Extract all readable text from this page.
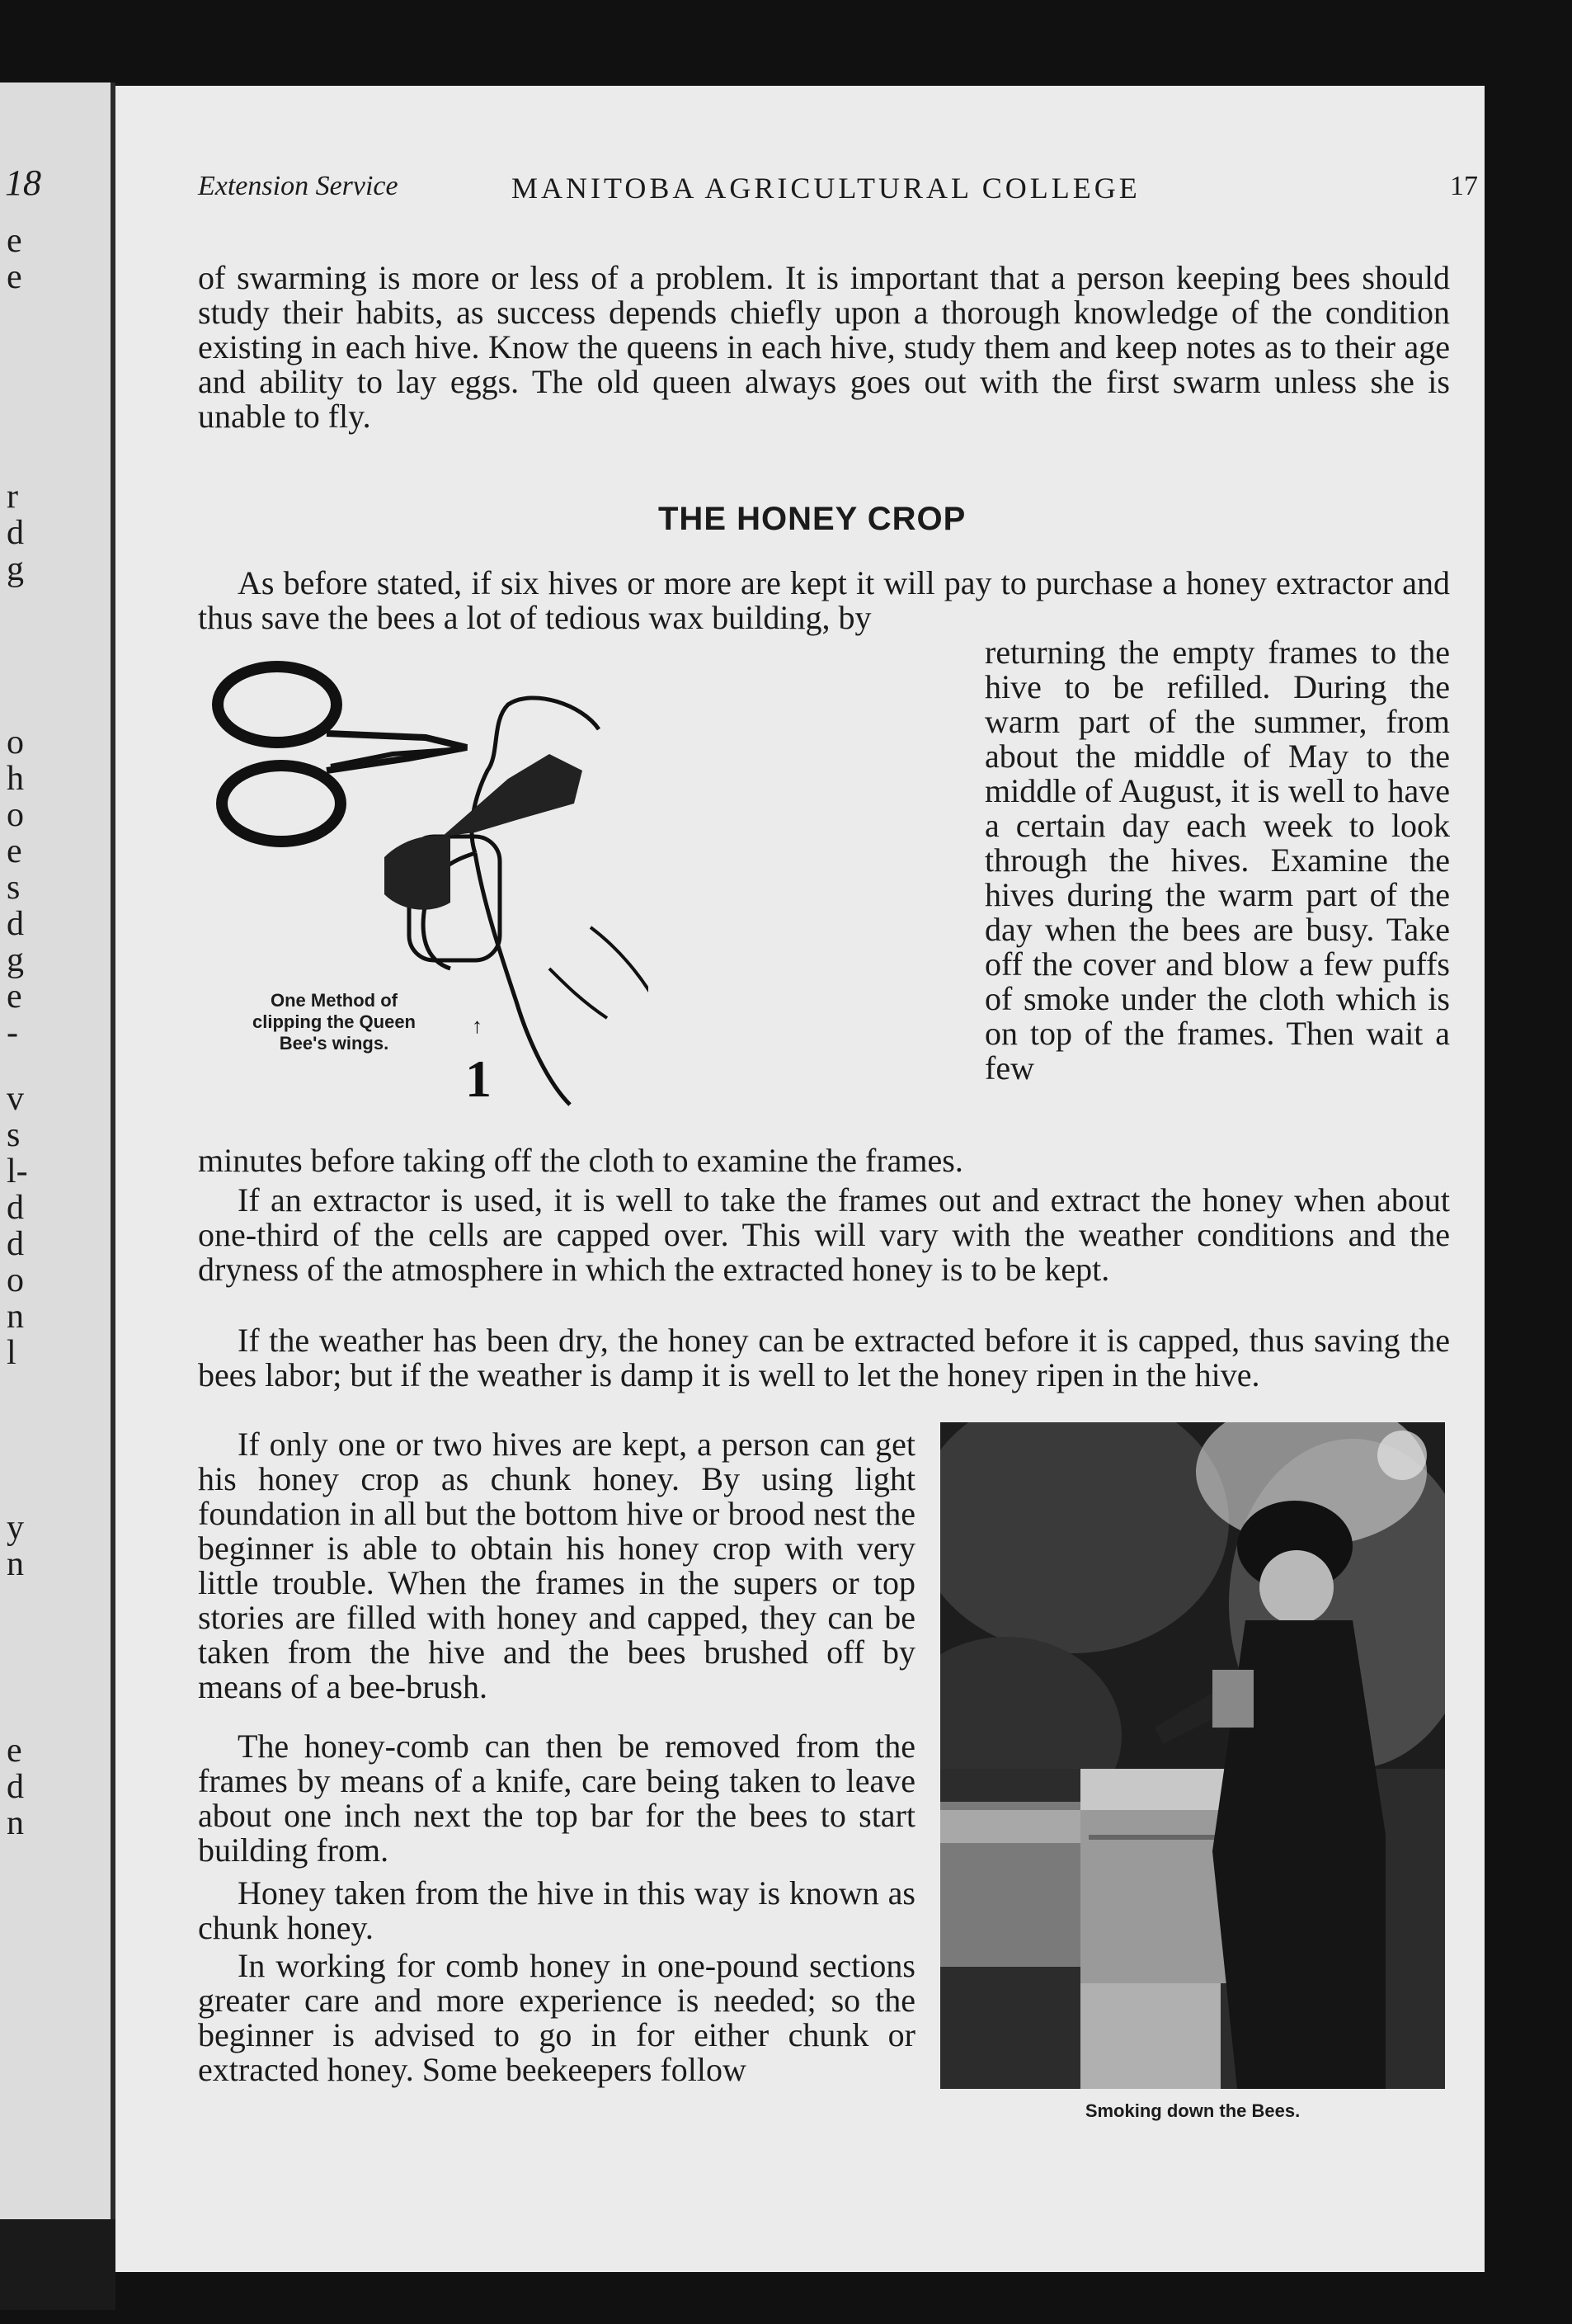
18
e
e
r
d
g
o
h
o
e
s
d
g
e
-
v
s
l-
d
d
o
n
l
y
n
e
d
n
Extension Service	MANITOBA AGRICULTURAL COLLEGE	17

of swarming is more or less of a problem. It is important that a person keeping bees should study their habits, as success depends chiefly upon a thorough knowledge of the condition existing in each hive. Know the queens in each hive, study them and keep notes as to their age and ability to lay eggs. The old queen always goes out with the first swarm unless she is unable to fly.

THE HONEY CROP

As before stated, if six hives or more are kept it will pay to purchase a honey extractor and thus save the bees a lot of tedious wax building, by

↑
1

One Method of clipping the Queen Bee's wings.

returning the empty frames to the hive to be refilled. During the warm part of the summer, from about the middle of May to the middle of August, it is well to have a certain day each week to look through the hives. Examine the hives during the warm part of the day when the bees are busy. Take off the cover and blow a few puffs of smoke under the cloth which is on top of the frames. Then wait a few

minutes before taking off the cloth to examine the frames.

If an extractor is used, it is well to take the frames out and extract the honey when about one-third of the cells are capped over. This will vary with the weather conditions and the dryness of the atmosphere in which the extracted honey is to be kept.

If the weather has been dry, the honey can be extracted before it is capped, thus saving the bees labor; but if the weather is damp it is well to let the honey ripen in the hive.

If only one or two hives are kept, a person can get his honey crop as chunk honey. By using light foundation in all but the bottom hive or brood nest the beginner is able to obtain his honey crop with very little trouble. When the frames in the supers or top stories are filled with honey and capped, they can be taken from the hive and the bees brushed off by means of a bee-brush.

The honey-comb can then be removed from the frames by means of a knife, care being taken to leave about one inch next the top bar for the bees to start building from.

Honey taken from the hive in this way is known as chunk honey.

In working for comb honey in one-pound sections greater care and more experience is needed; so the beginner is advised to go in for either chunk or extracted honey. Some beekeepers follow

Smoking down the Bees.
